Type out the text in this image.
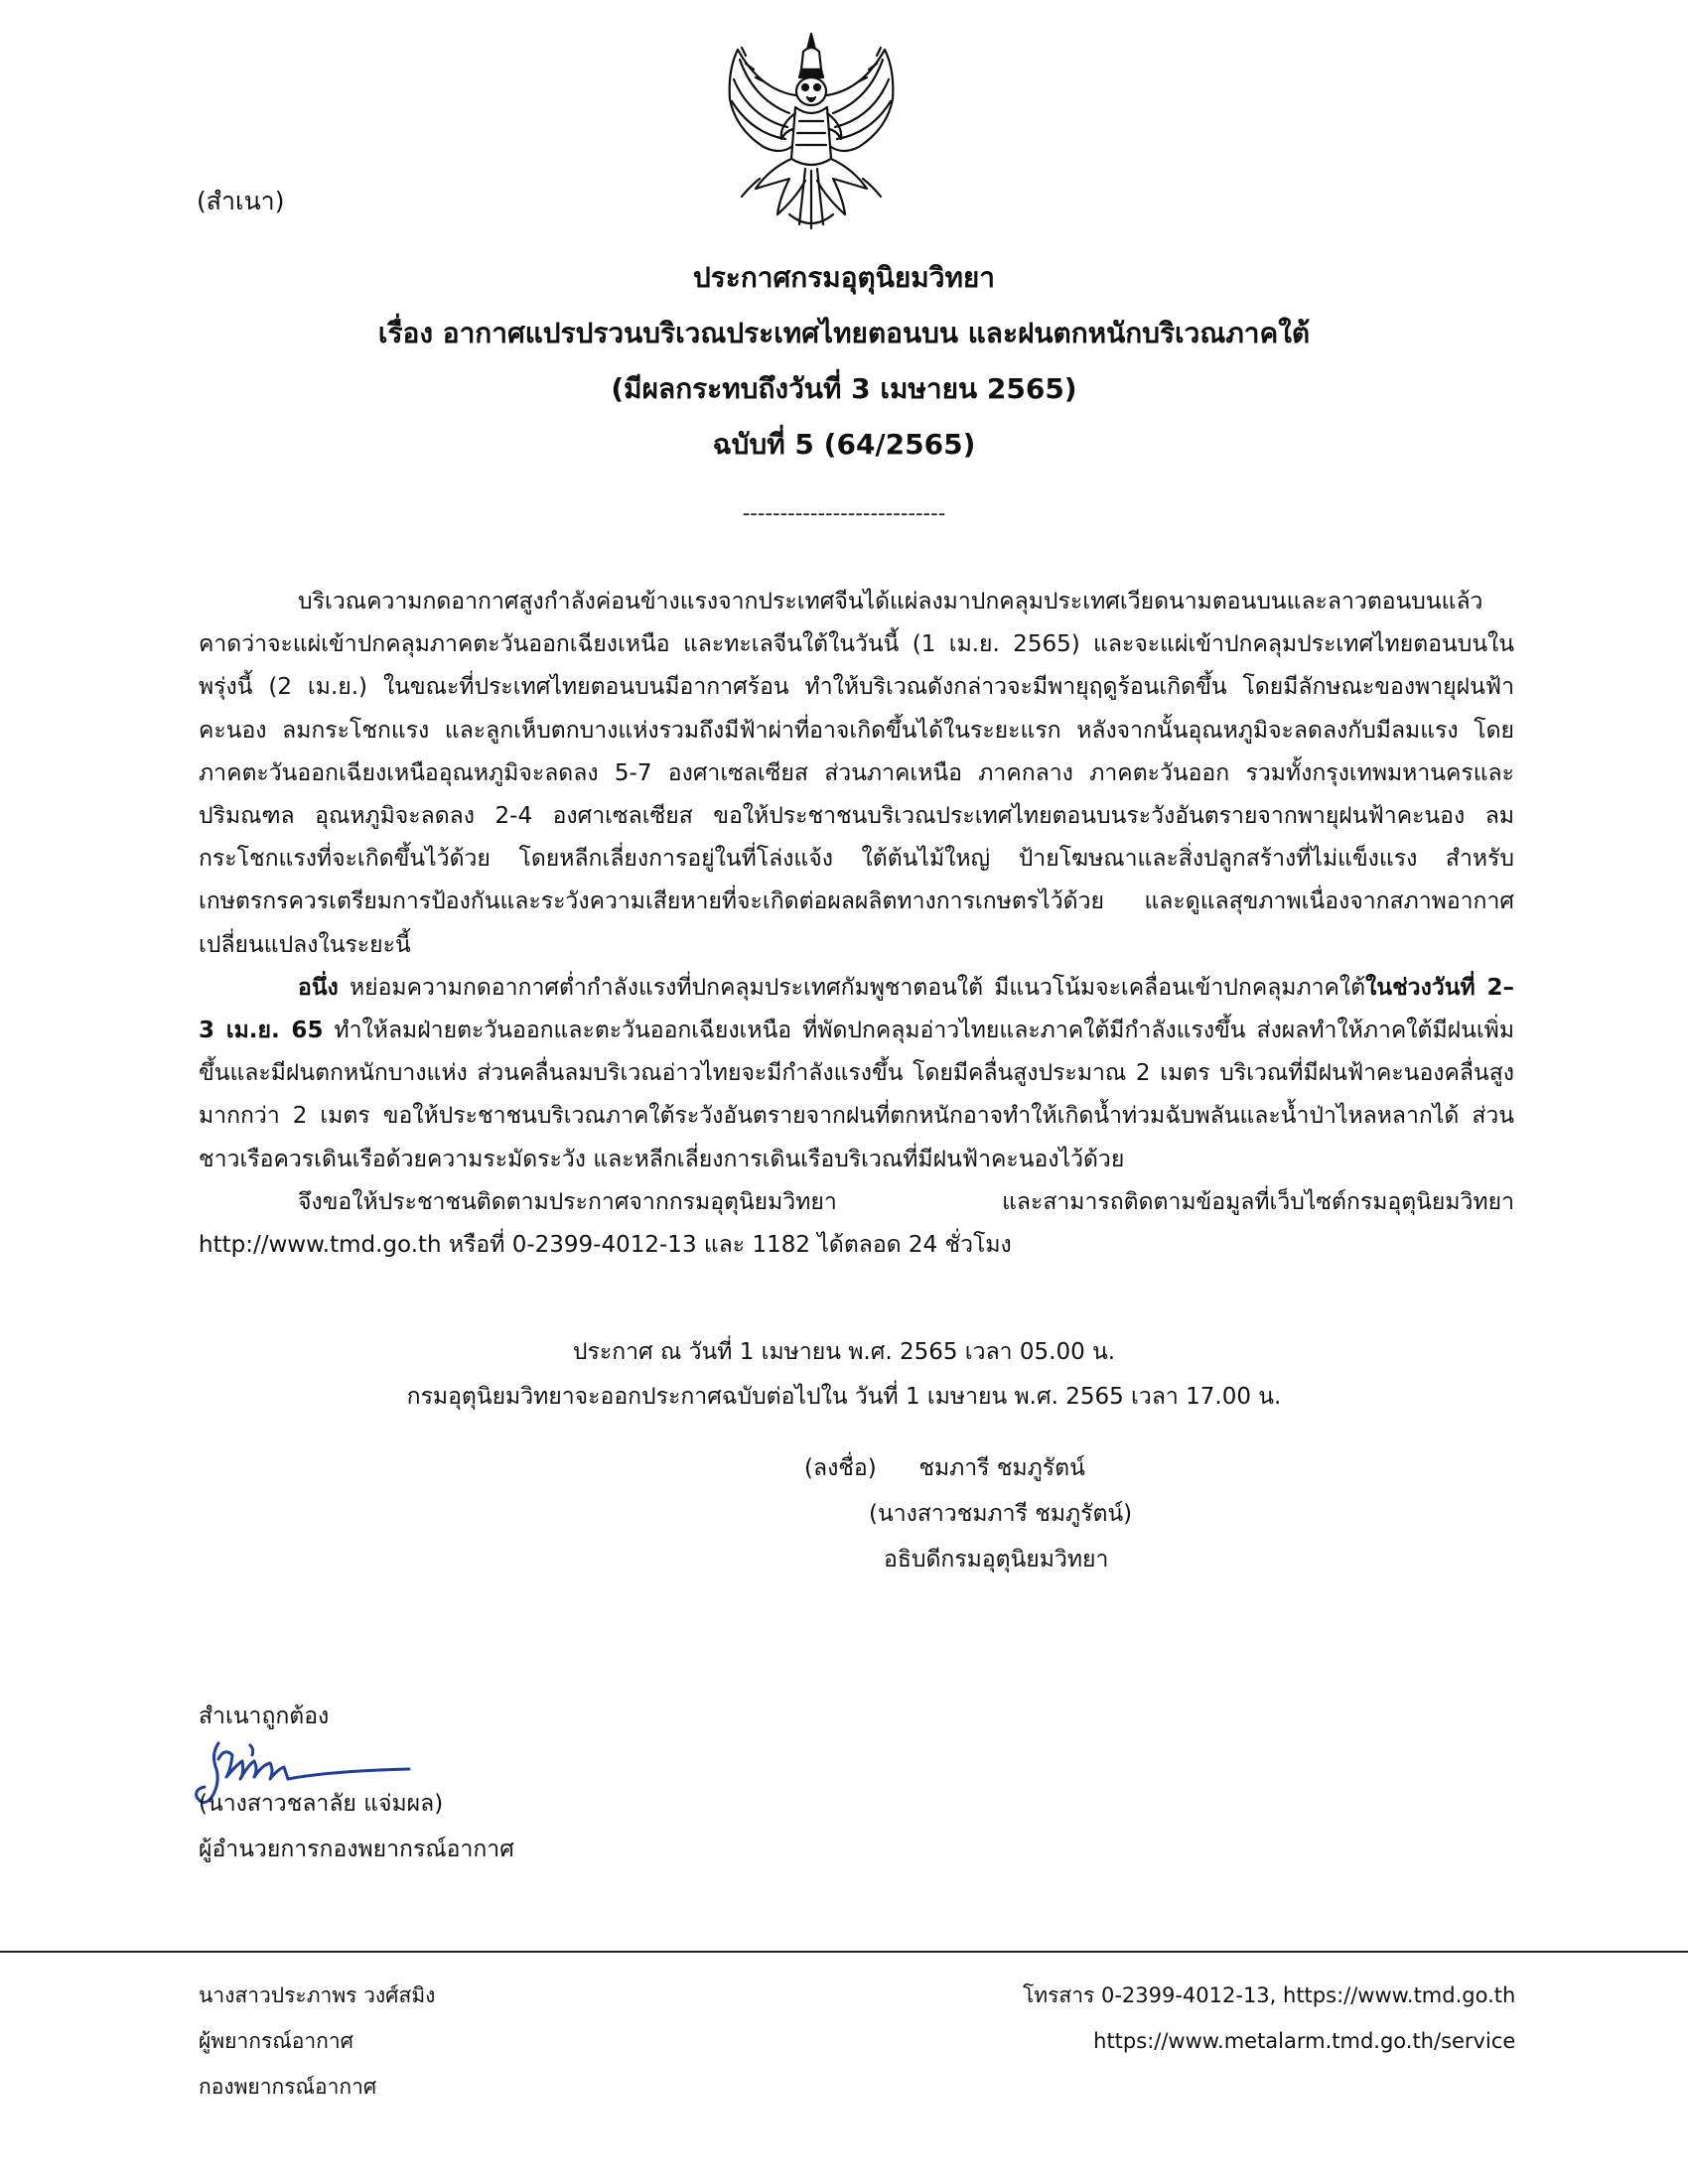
(สำเนา)
ประกาศกรมอุตุนิยมวิทยา
เรื่อง อากาศแปรปรวนบริเวณประเทศไทยตอนบน และฝนตกหนักบริเวณภาคใต้
(มีผลกระทบถึงวันที่ 3 เมษายน 2565)
ฉบับที่ 5 (64/2565)
---------------------------

บริเวณความกดอากาศสูงกำลังค่อนข้างแรงจากประเทศจีนได้แผ่ลงมาปกคลุมประเทศเวียดนามตอนบนและลาวตอนบนแล้ว คาดว่าจะแผ่เข้าปกคลุมภาคตะวันออกเฉียงเหนือ และทะเลจีนใต้ในวันนี้ (1 เม.ย. 2565) และจะแผ่เข้าปกคลุมประเทศไทยตอนบนในพรุ่งนี้ (2 เม.ย.) ในขณะที่ประเทศไทยตอนบนมีอากาศร้อน ทำให้บริเวณดังกล่าวจะมีพายุฤดูร้อนเกิดขึ้น โดยมีลักษณะของพายุฝนฟ้าคะนอง ลมกระโชกแรง และลูกเห็บตกบางแห่งรวมถึงมีฟ้าผ่าที่อาจเกิดขึ้นได้ในระยะแรก หลังจากนั้นอุณหภูมิจะลดลงกับมีลมแรง โดยภาคตะวันออกเฉียงเหนืออุณหภูมิจะลดลง 5-7 องศาเซลเซียส ส่วนภาคเหนือ ภาคกลาง ภาคตะวันออก รวมทั้งกรุงเทพมหานครและปริมณฑล อุณหภูมิจะลดลง 2-4 องศาเซลเซียส ขอให้ประชาชนบริเวณประเทศไทยตอนบนระวังอันตรายจากพายุฝนฟ้าคะนอง ลมกระโชกแรงที่จะเกิดขึ้นไว้ด้วย โดยหลีกเลี่ยงการอยู่ในที่โล่งแจ้ง ใต้ต้นไม้ใหญ่ ป้ายโฆษณาและสิ่งปลูกสร้างที่ไม่แข็งแรง สำหรับเกษตรกรควรเตรียมการป้องกันและระวังความเสียหายที่จะเกิดต่อผลผลิตทางการเกษตรไว้ด้วย และดูแลสุขภาพเนื่องจากสภาพอากาศเปลี่ยนแปลงในระยะนี้

อนึ่ง หย่อมความกดอากาศต่ำกำลังแรงที่ปกคลุมประเทศกัมพูชาตอนใต้ มีแนวโน้มจะเคลื่อนเข้าปกคลุมภาคใต้ในช่วงวันที่ 2–3 เม.ย. 65 ทำให้ลมฝ่ายตะวันออกและตะวันออกเฉียงเหนือ ที่พัดปกคลุมอ่าวไทยและภาคใต้มีกำลังแรงขึ้น ส่งผลทำให้ภาคใต้มีฝนเพิ่มขึ้นและมีฝนตกหนักบางแห่ง ส่วนคลื่นลมบริเวณอ่าวไทยจะมีกำลังแรงขึ้น โดยมีคลื่นสูงประมาณ 2 เมตร บริเวณที่มีฝนฟ้าคะนองคลื่นสูงมากกว่า 2 เมตร ขอให้ประชาชนบริเวณภาคใต้ระวังอันตรายจากฝนที่ตกหนักอาจทำให้เกิดน้ำท่วมฉับพลันและน้ำป่าไหลหลากได้ ส่วนชาวเรือควรเดินเรือด้วยความระมัดระวัง และหลีกเลี่ยงการเดินเรือบริเวณที่มีฝนฟ้าคะนองไว้ด้วย

จึงขอให้ประชาชนติดตามประกาศจากกรมอุตุนิยมวิทยา และสามารถติดตามข้อมูลที่เว็บไซต์กรมอุตุนิยมวิทยา http://www.tmd.go.th หรือที่ 0-2399-4012-13 และ 1182 ได้ตลอด 24 ชั่วโมง

ประกาศ ณ วันที่ 1 เมษายน พ.ศ. 2565 เวลา 05.00 น.
กรมอุตุนิยมวิทยาจะออกประกาศฉบับต่อไปใน วันที่ 1 เมษายน พ.ศ. 2565 เวลา 17.00 น.
(ลงชื่อ) ชมภารี ชมภูรัตน์
(นางสาวชมภารี ชมภูรัตน์)
อธิบดีกรมอุตุนิยมวิทยา
สำเนาถูกต้อง
(นางสาวชลาลัย แจ่มผล)
ผู้อำนวยการกองพยากรณ์อากาศ
นางสาวประภาพร วงศ์สมิง
ผู้พยากรณ์อากาศ
กองพยากรณ์อากาศ
โทรสาร 0-2399-4012-13, https://www.tmd.go.th
https://www.metalarm.tmd.go.th/service
